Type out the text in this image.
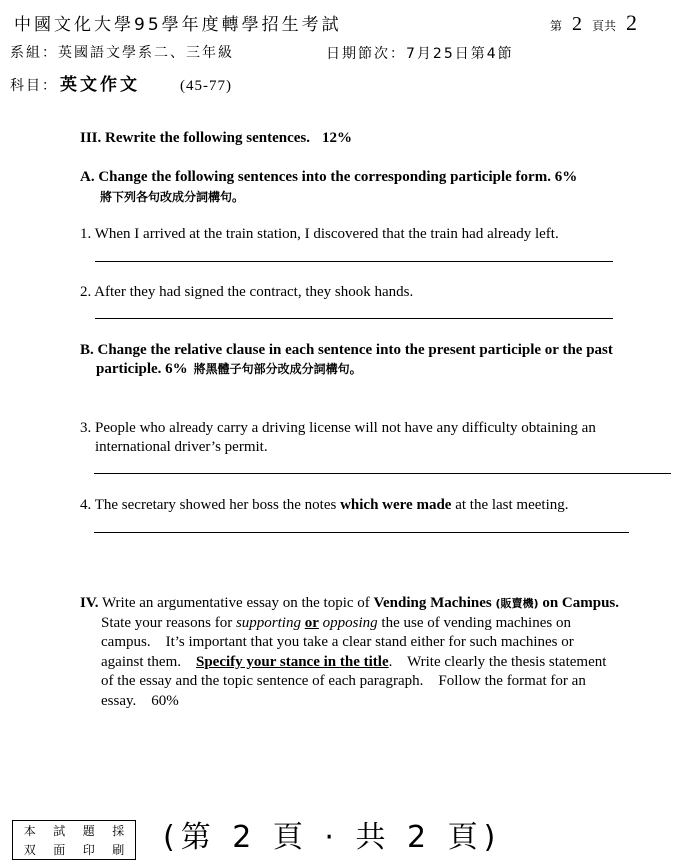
中國文化大學95學年度轉學招生考試	第 2 頁共 2
系組：英國語文學系二、三年級	日期節次：7月25日第4節
科目： 英文作文	(45-77)
III. Rewrite the following sentences. 12%
A. Change the following sentences into the corresponding participle form. 6%
將下列各句改成分詞構句。
1. When I arrived at the train station, I discovered that the train had already left.
2. After they had signed the contract, they shook hands.
B. Change the relative clause in each sentence into the present participle or the past
participle. 6% 將黑體子句部分改成分詞構句。
3. People who already carry a driving license will not have any difficulty obtaining an
international driver’s permit.
4. The secretary showed her boss the notes which were made at the last meeting.
IV. Write an argumentative essay on the topic of Vending Machines (販賣機) on Campus.
State your reasons for supporting or opposing the use of vending machines on
campus.    It’s important that you take a clear stand either for such machines or
against them. Specify your stance in the title.    Write clearly the thesis statement
of the essay and the topic sentence of each paragraph.    Follow the format for an
essay.    60%
本 試 題 採
双 面 印 刷 (第 2 頁 · 共 2 頁)
